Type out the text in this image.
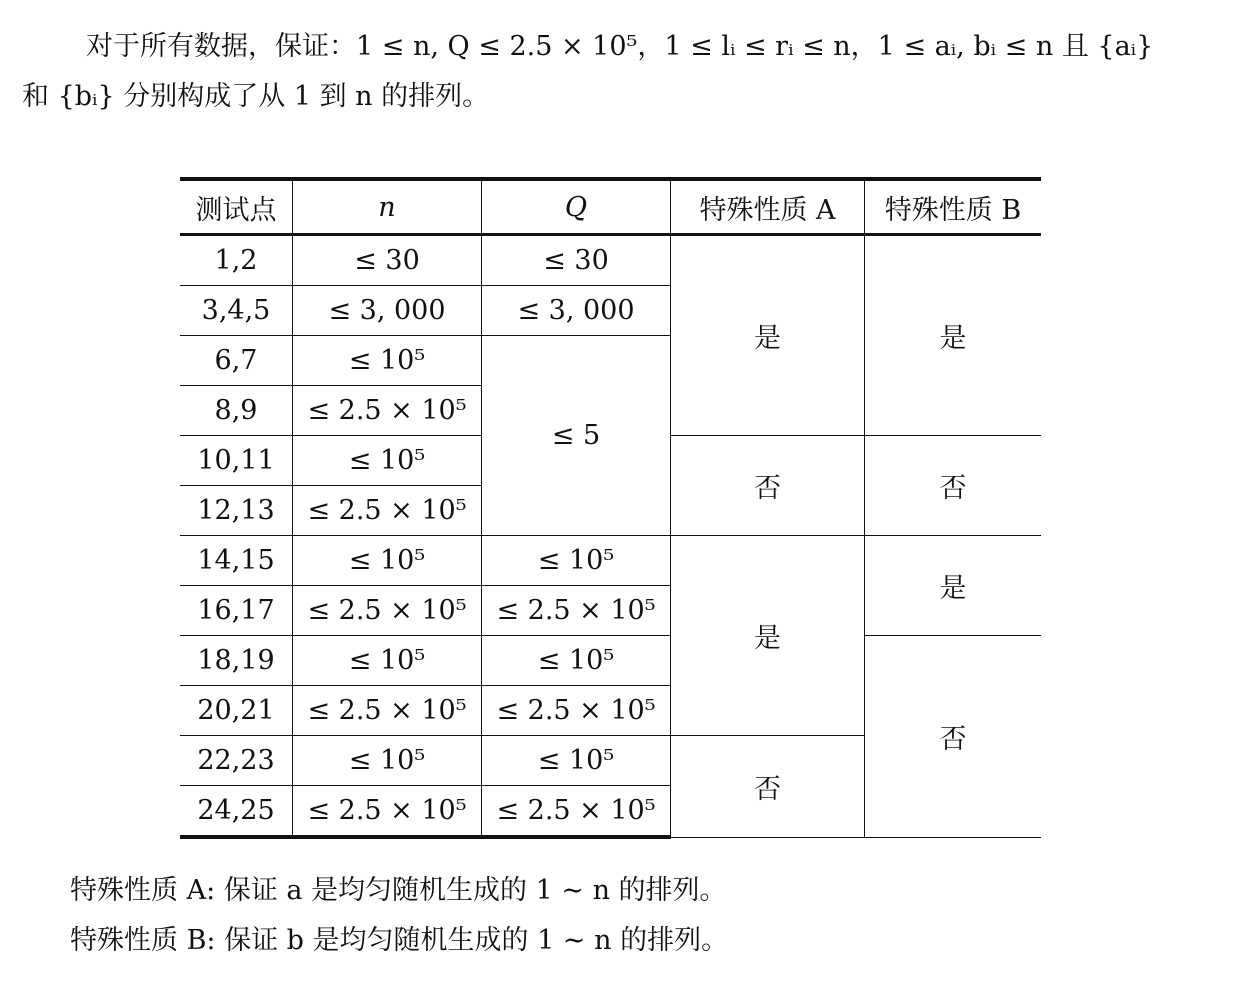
对于所有数据，保证：1 ≤ n, Q ≤ 2.5 × 10⁵，1 ≤ lᵢ ≤ rᵢ ≤ n，1 ≤ aᵢ, bᵢ ≤ n 且 {aᵢ}
和 {bᵢ} 分别构成了从 1 到 n 的排列。
测试点	n	Q	特殊性质 A	特殊性质 B
1,2	≤ 30	≤ 30	是	是
3,4,5	≤ 3, 000	≤ 3, 000		
6,7	≤ 10⁵	≤ 5		
8,9	≤ 2.5 × 10⁵			
10,11	≤ 10⁵		否	否
12,13	≤ 2.5 × 10⁵			
14,15	≤ 10⁵	≤ 10⁵	是	是
16,17	≤ 2.5 × 10⁵	≤ 2.5 × 10⁵		
18,19	≤ 10⁵	≤ 10⁵		否
20,21	≤ 2.5 × 10⁵	≤ 2.5 × 10⁵		
22,23	≤ 10⁵	≤ 10⁵	否	
24,25	≤ 2.5 × 10⁵	≤ 2.5 × 10⁵		

特殊性质 A: 保证 a 是均匀随机生成的 1 ∼ n 的排列。

特殊性质 B: 保证 b 是均匀随机生成的 1 ∼ n 的排列。
